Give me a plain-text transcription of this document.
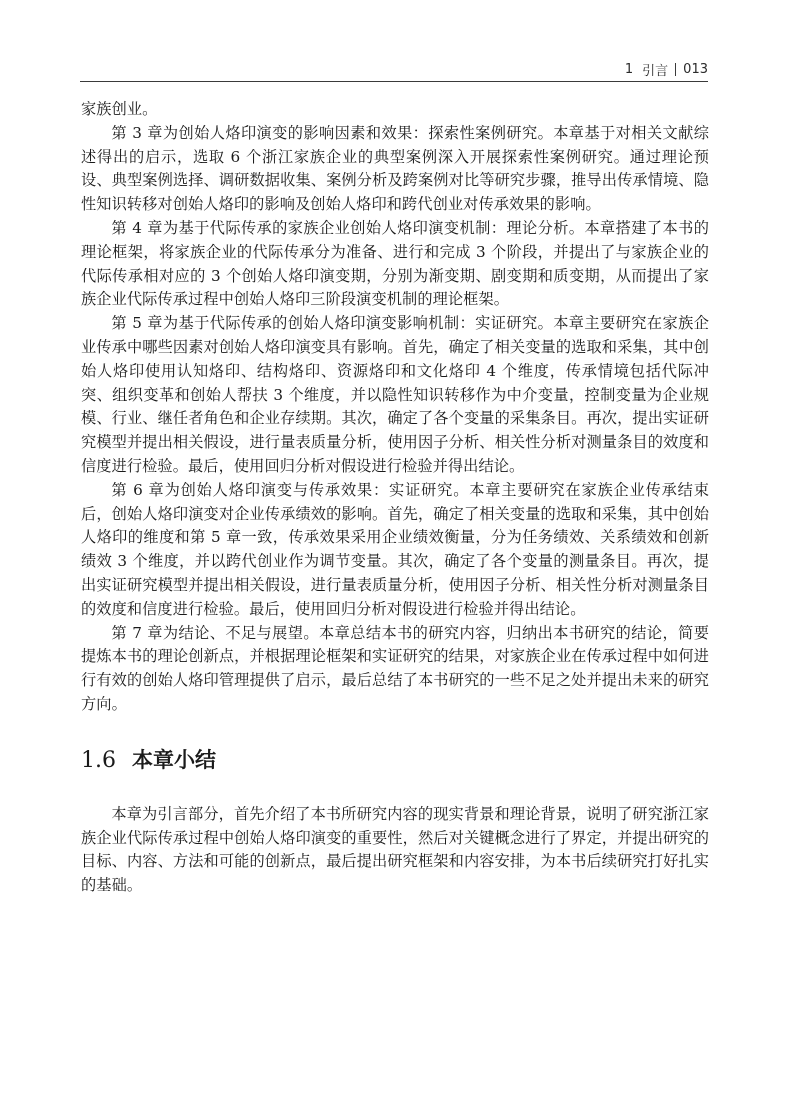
1 引言 013

家族创业。

第 3 章为创始人烙印演变的影响因素和效果：探索性案例研究。本章基于对相关文献综述得出的启示，选取 6 个浙江家族企业的典型案例深入开展探索性案例研究。通过理论预设、典型案例选择、调研数据收集、案例分析及跨案例对比等研究步骤，推导出传承情境、隐性知识转移对创始人烙印的影响及创始人烙印和跨代创业对传承效果的影响。

第 4 章为基于代际传承的家族企业创始人烙印演变机制：理论分析。本章搭建了本书的理论框架，将家族企业的代际传承分为准备、进行和完成 3 个阶段，并提出了与家族企业的代际传承相对应的 3 个创始人烙印演变期，分别为渐变期、剧变期和质变期，从而提出了家族企业代际传承过程中创始人烙印三阶段演变机制的理论框架。

第 5 章为基于代际传承的创始人烙印演变影响机制：实证研究。本章主要研究在家族企业传承中哪些因素对创始人烙印演变具有影响。首先，确定了相关变量的选取和采集，其中创始人烙印使用认知烙印、结构烙印、资源烙印和文化烙印 4 个维度，传承情境包括代际冲突、组织变革和创始人帮扶 3 个维度，并以隐性知识转移作为中介变量，控制变量为企业规模、行业、继任者角色和企业存续期。其次，确定了各个变量的采集条目。再次，提出实证研究模型并提出相关假设，进行量表质量分析，使用因子分析、相关性分析对测量条目的效度和信度进行检验。最后，使用回归分析对假设进行检验并得出结论。

第 6 章为创始人烙印演变与传承效果：实证研究。本章主要研究在家族企业传承结束后，创始人烙印演变对企业传承绩效的影响。首先，确定了相关变量的选取和采集，其中创始人烙印的维度和第 5 章一致，传承效果采用企业绩效衡量，分为任务绩效、关系绩效和创新绩效 3 个维度，并以跨代创业作为调节变量。其次，确定了各个变量的测量条目。再次，提出实证研究模型并提出相关假设，进行量表质量分析，使用因子分析、相关性分析对测量条目的效度和信度进行检验。最后，使用回归分析对假设进行检验并得出结论。

第 7 章为结论、不足与展望。本章总结本书的研究内容，归纳出本书研究的结论，简要提炼本书的理论创新点，并根据理论框架和实证研究的结果，对家族企业在传承过程中如何进行有效的创始人烙印管理提供了启示，最后总结了本书研究的一些不足之处并提出未来的研究方向。

1.6 本章小结

本章为引言部分，首先介绍了本书所研究内容的现实背景和理论背景，说明了研究浙江家族企业代际传承过程中创始人烙印演变的重要性，然后对关键概念进行了界定，并提出研究的目标、内容、方法和可能的创新点，最后提出研究框架和内容安排，为本书后续研究打好扎实的基础。
